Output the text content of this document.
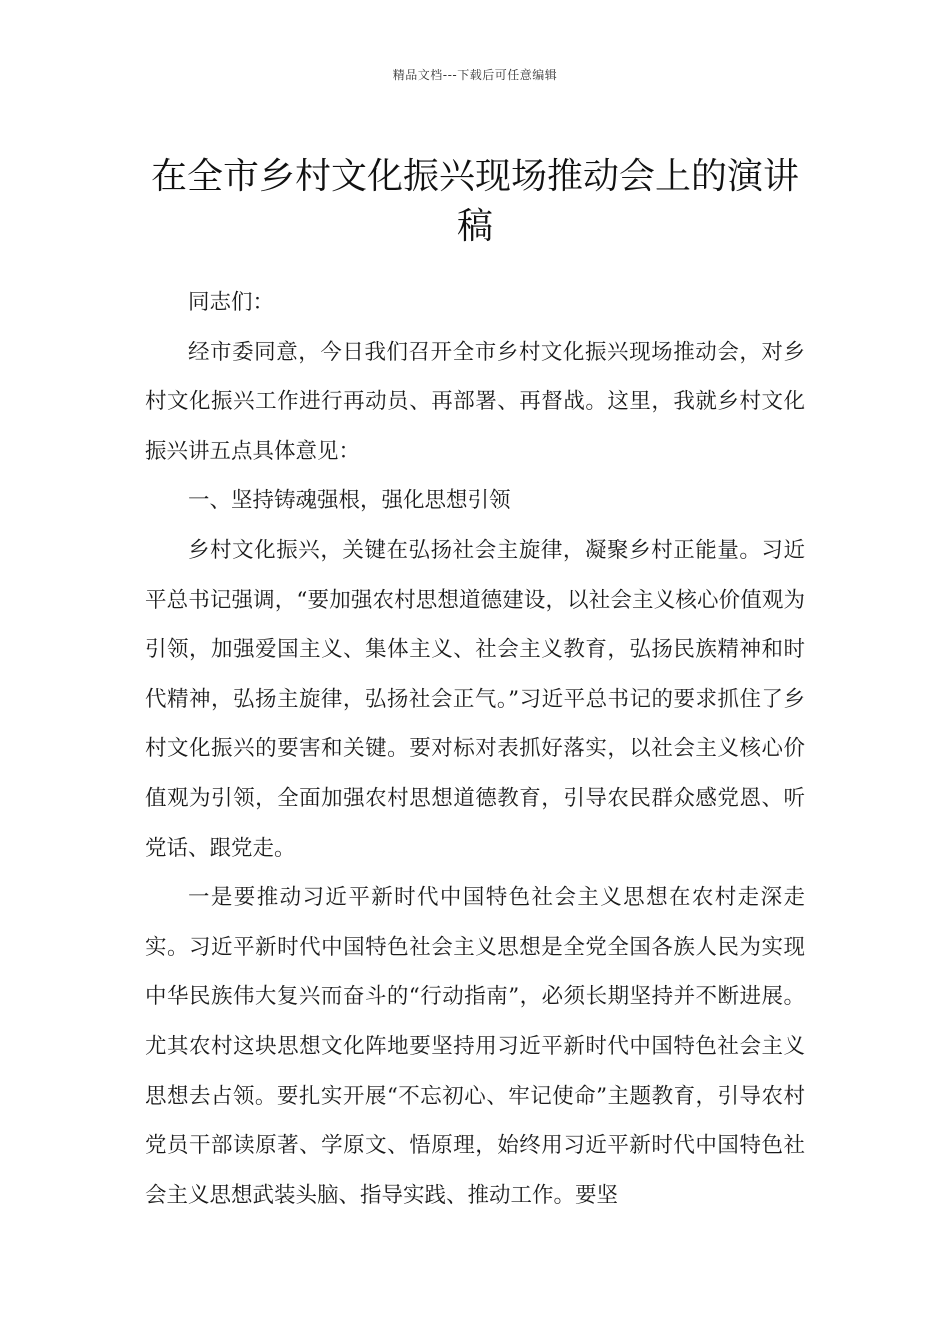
精品文档---下载后可任意编辑
在全市乡村文化振兴现场推动会上的演讲稿

同志们：

经市委同意，今日我们召开全市乡村文化振兴现场推动会，对乡村文化振兴工作进行再动员、再部署、再督战。这里，我就乡村文化振兴讲五点具体意见：

一、坚持铸魂强根，强化思想引领

乡村文化振兴，关键在弘扬社会主旋律，凝聚乡村正能量。习近平总书记强调，“要加强农村思想道德建设，以社会主义核心价值观为引领，加强爱国主义、集体主义、社会主义教育，弘扬民族精神和时代精神，弘扬主旋律，弘扬社会正气。”习近平总书记的要求抓住了乡村文化振兴的要害和关键。要对标对表抓好落实，以社会主义核心价值观为引领，全面加强农村思想道德教育，引导农民群众感党恩、听党话、跟党走。

一是要推动习近平新时代中国特色社会主义思想在农村走深走实。习近平新时代中国特色社会主义思想是全党全国各族人民为实现中华民族伟大复兴而奋斗的“行动指南”，必须长期坚持并不断进展。尤其农村这块思想文化阵地要坚持用习近平新时代中国特色社会主义思想去占领。要扎实开展“不忘初心、牢记使命”主题教育，引导农村党员干部读原著、学原文、悟原理，始终用习近平新时代中国特色社会主义思想武装头脑、指导实践、推动工作。要坚
